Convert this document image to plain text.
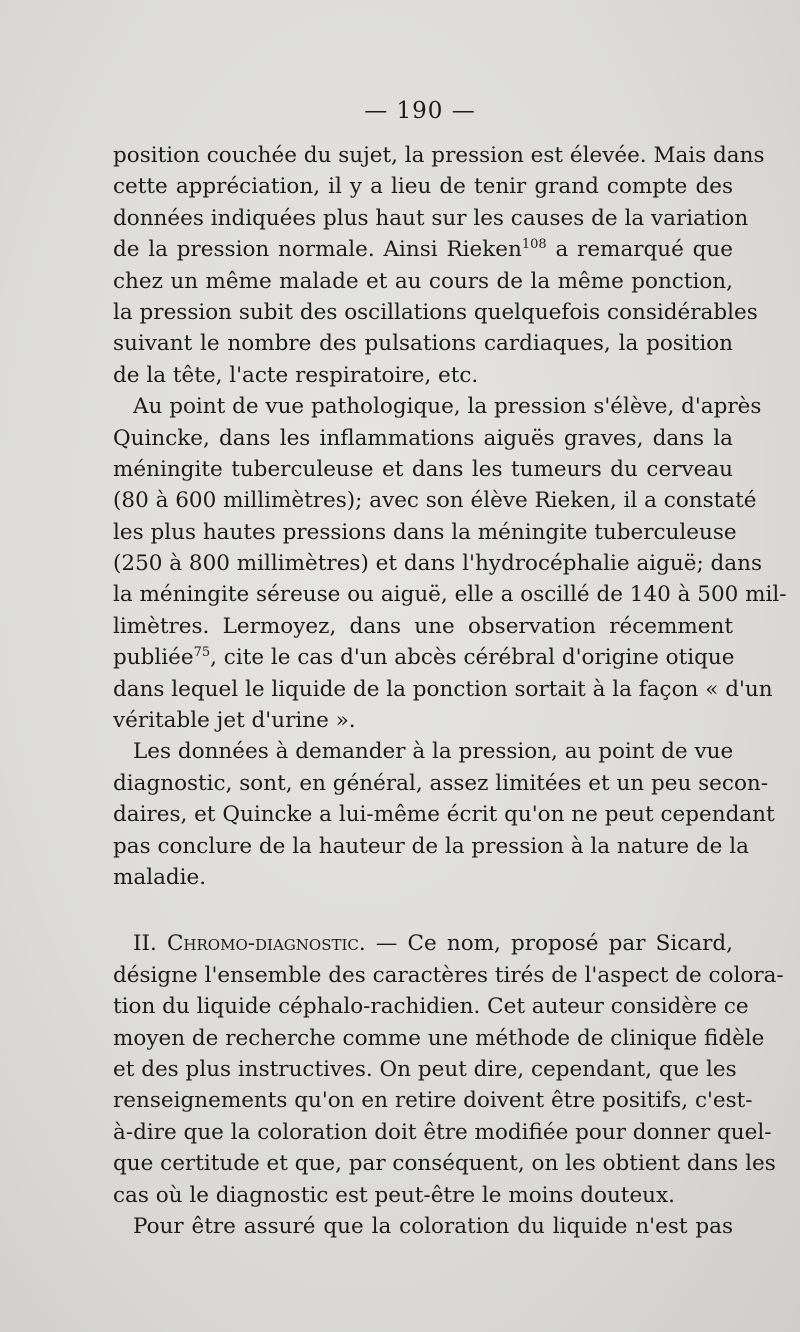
— 190 —
position couchée du sujet, la pression est élevée. Mais dans
cette appréciation, il y a lieu de tenir grand compte des
données indiquées plus haut sur les causes de la variation
de la pression normale. Ainsi Rieken$^{108}$ a remarqué que
chez un même malade et au cours de la même ponction,
la pression subit des oscillations quelquefois considérables
suivant le nombre des pulsations cardiaques, la position
de la tête, l'acte respiratoire, etc.
Au point de vue pathologique, la pression s'élève, d'après
Quincke, dans les inflammations aiguës graves, dans la
méningite tuberculeuse et dans les tumeurs du cerveau
(80 à 600 millimètres); avec son élève Rieken, il a constaté
les plus hautes pressions dans la méningite tuberculeuse
(250 à 800 millimètres) et dans l'hydrocéphalie aiguë; dans
la méningite séreuse ou aiguë, elle a oscillé de 140 à 500 mil-
limètres. Lermoyez, dans une observation récemment
publiée$^{75}$, cite le cas d'un abcès cérébral d'origine otique
dans lequel le liquide de la ponction sortait à la façon « d'un
véritable jet d'urine ».
Les données à demander à la pression, au point de vue
diagnostic, sont, en général, assez limitées et un peu secon-
daires, et Quincke a lui-même écrit qu'on ne peut cependant
pas conclure de la hauteur de la pression à la nature de la
maladie.
II. Chromo-diagnostic. — Ce nom, proposé par Sicard,
désigne l'ensemble des caractères tirés de l'aspect de colora-
tion du liquide céphalo-rachidien. Cet auteur considère ce
moyen de recherche comme une méthode de clinique fidèle
et des plus instructives. On peut dire, cependant, que les
renseignements qu'on en retire doivent être positifs, c'est-
à-dire que la coloration doit être modifiée pour donner quel-
que certitude et que, par conséquent, on les obtient dans les
cas où le diagnostic est peut-être le moins douteux.
Pour être assuré que la coloration du liquide n'est pas
